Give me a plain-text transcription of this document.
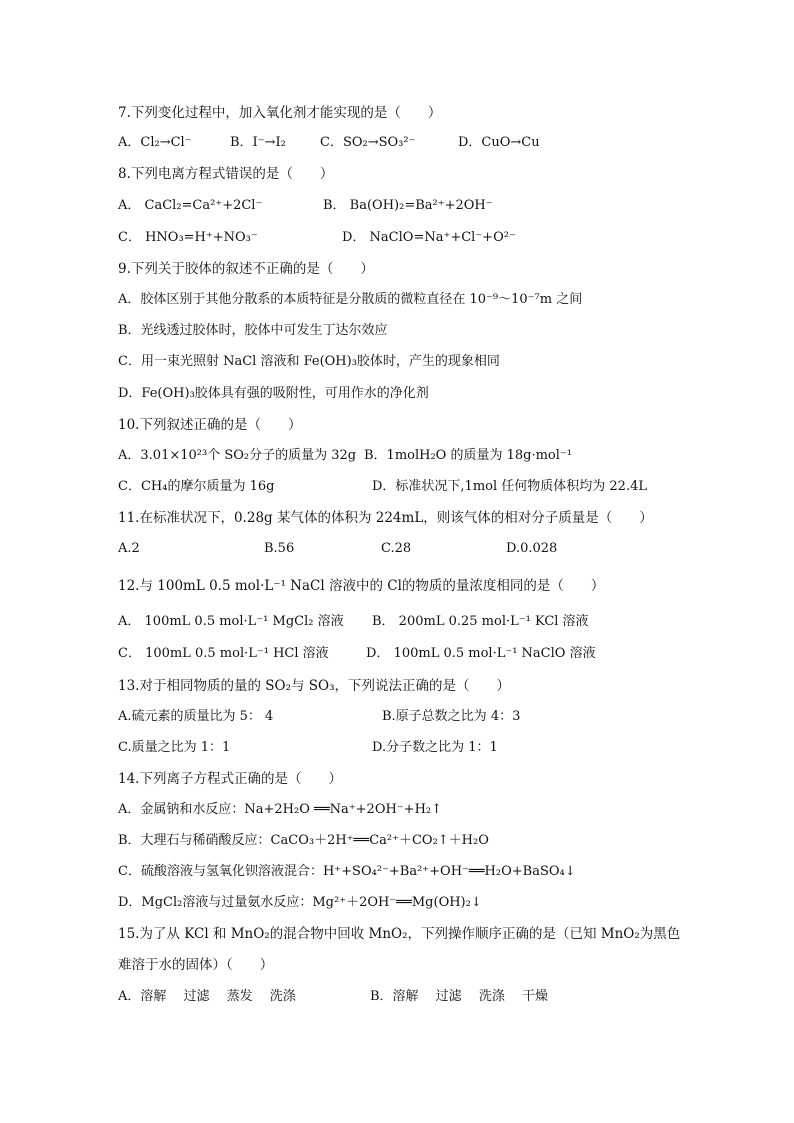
7.下列变化过程中，加入氧化剂才能实现的是（　　）
A．Cl₂→Cl⁻	B．I⁻→I₂	C．SO₂→SO₃²⁻	D．CuO→Cu
8.下列电离方程式错误的是（　　）
A． CaCl₂=Ca²⁺+2Cl⁻	B． Ba(OH)₂=Ba²⁺+2OH⁻
C． HNO₃=H⁺+NO₃⁻	D． NaClO=Na⁺+Cl⁻+O²⁻
9.下列关于胶体的叙述不正确的是（　　）
A．胶体区别于其他分散系的本质特征是分散质的微粒直径在 10⁻⁹～10⁻⁷m 之间
B．光线透过胶体时，胶体中可发生丁达尔效应
C．用一束光照射 NaCl 溶液和 Fe(OH)₃胶体时，产生的现象相同
D．Fe(OH)₃胶体具有强的吸附性，可用作水的净化剂
10.下列叙述正确的是（　　）
A．3.01×10²³个 SO₂分子的质量为 32g B．1molH₂O 的质量为 18g·mol⁻¹
C．CH₄的摩尔质量为 16g	D．标准状况下,1mol 任何物质体积均为 22.4L
11.在标准状况下，0.28g 某气体的体积为 224mL，则该气体的相对分子质量是（　　）
A.2	B.56	C.28	D.0.028
12.与 100mL 0.5 mol·L⁻¹ NaCl 溶液中的 Cl的物质的量浓度相同的是（　　）
A． 100mL 0.5 mol·L⁻¹ MgCl₂ 溶液 B． 200mL 0.25 mol·L⁻¹ KCl 溶液
C． 100mL 0.5 mol·L⁻¹ HCl 溶液	D． 100mL 0.5 mol·L⁻¹ NaClO 溶液
13.对于相同物质的量的 SO₂与 SO₃，下列说法正确的是（　　）
A.硫元素的质量比为 5： 4	B.原子总数之比为 4：3
C.质量之比为 1：1	D.分子数之比为 1：1
14.下列离子方程式正确的是（　　）
A．金属钠和水反应：Na+2H₂O ══Na⁺+2OH⁻+H₂↑
B．大理石与稀硝酸反应：CaCO₃＋2H⁺══Ca²⁺＋CO₂↑＋H₂O
C．硫酸溶液与氢氧化钡溶液混合：H⁺+SO₄²⁻+Ba²⁺+OH⁻══H₂O+BaSO₄↓
D．MgCl₂溶液与过量氨水反应：Mg²⁺＋2OH⁻══Mg(OH)₂↓
15.为了从 KCl 和 MnO₂的混合物中回收 MnO₂，下列操作顺序正确的是（已知 MnO₂为黑色
难溶于水的固体）（　　）
A．溶解　 过滤　 蒸发　 洗涤	B．溶解　 过滤　 洗涤　 干燥
